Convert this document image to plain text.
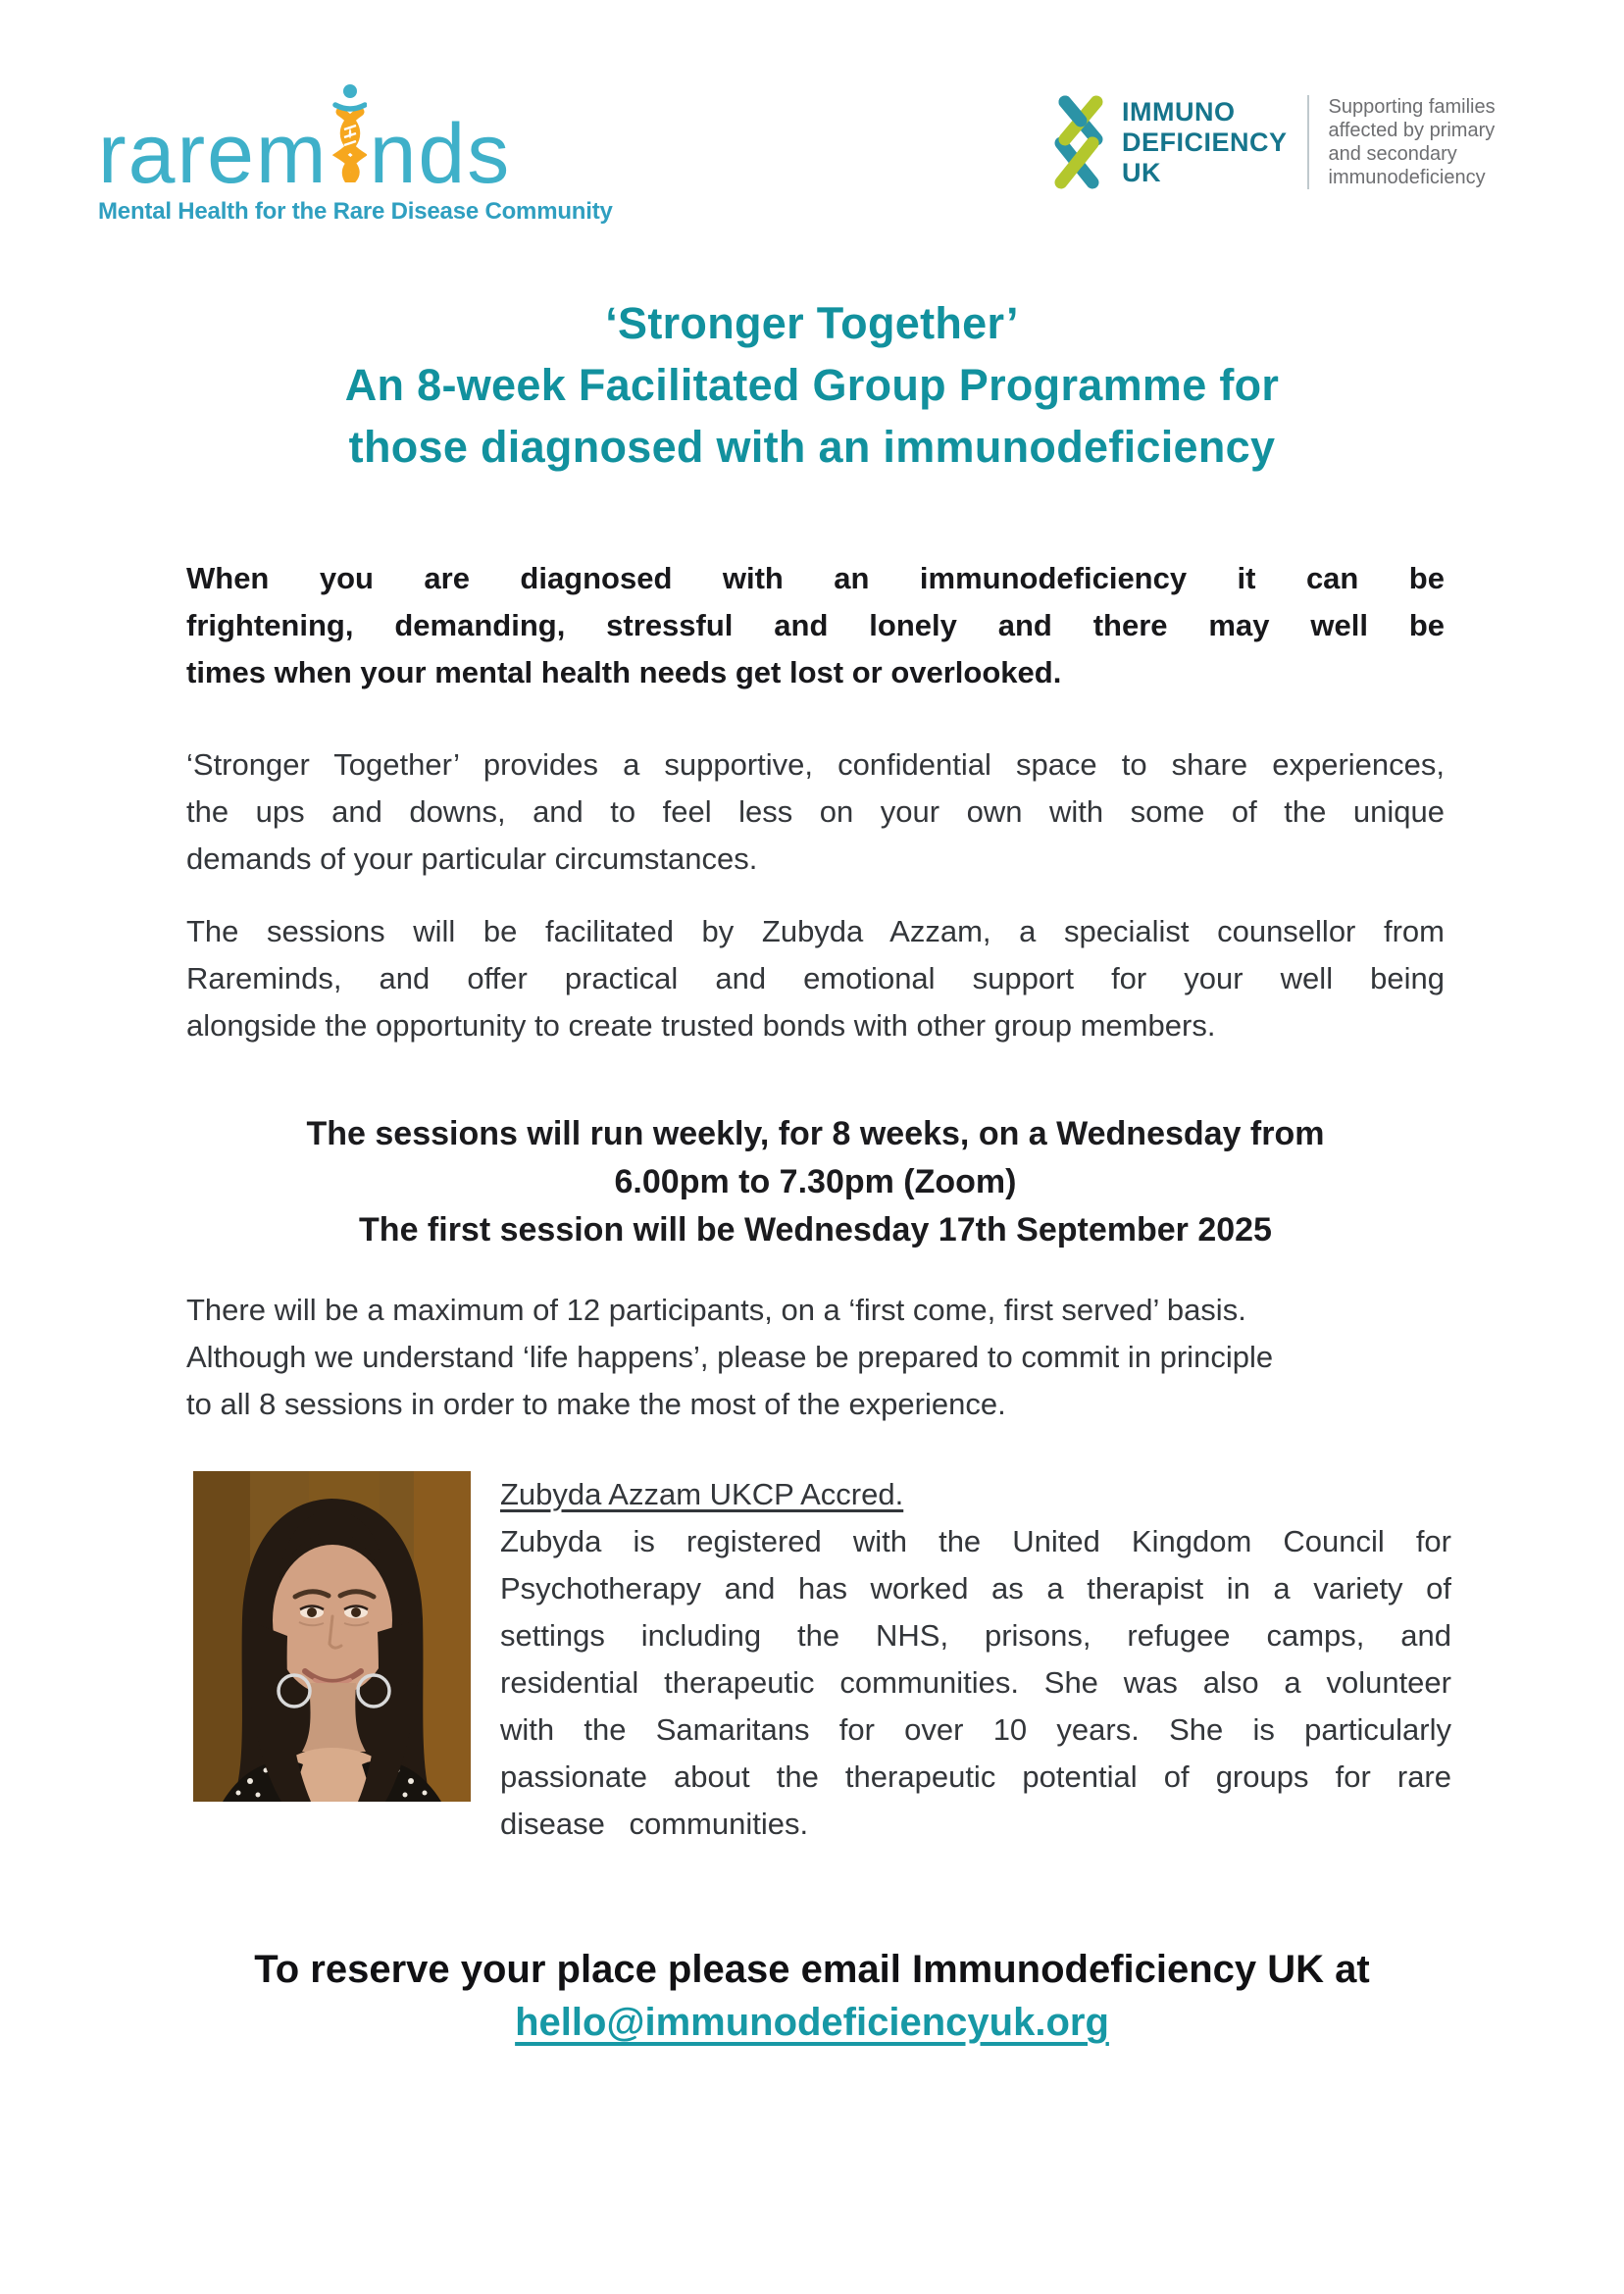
rarem nds
Mental Health for the Rare Disease Community
IMMUNO
DEFICIENCY
UK
Supporting families
affected by primary
and secondary
immunodeficiency
‘Stronger Together’
An 8-week Facilitated Group Programme for
those diagnosed with an immunodeficiency
When you are diagnosed with an immunodeficiency it can be
frightening, demanding, stressful and lonely and there may well be
times when your mental health needs get lost or overlooked.
‘Stronger Together’ provides a supportive, confidential space to share experiences,
the ups and downs, and to feel less on your own with some of the unique
demands of your particular circumstances.
The sessions will be facilitated by Zubyda Azzam, a specialist counsellor from
Rareminds, and offer practical and emotional support for your well being
alongside the opportunity to create trusted bonds with other group members.
The sessions will run weekly, for 8 weeks, on a Wednesday from
6.00pm to 7.30pm (Zoom)
The first session will be Wednesday 17th September 2025
There will be a maximum of 12 participants, on a ‘first come, first served’ basis.
Although we understand ‘life happens’, please be prepared to commit in principle
to all 8 sessions in order to make the most of the experience.
Zubyda Azzam UKCP Accred.
Zubyda is registered with the United Kingdom Council for
Psychotherapy and has worked as a therapist in a variety of
settings including the NHS, prisons, refugee camps, and
residential therapeutic communities. She was also a volunteer
with the Samaritans for over 10 years. She is particularly
passionate about the therapeutic potential of groups for rare
disease communities.
To reserve your place please email Immunodeficiency UK at
hello@immunodeficiencyuk.org
